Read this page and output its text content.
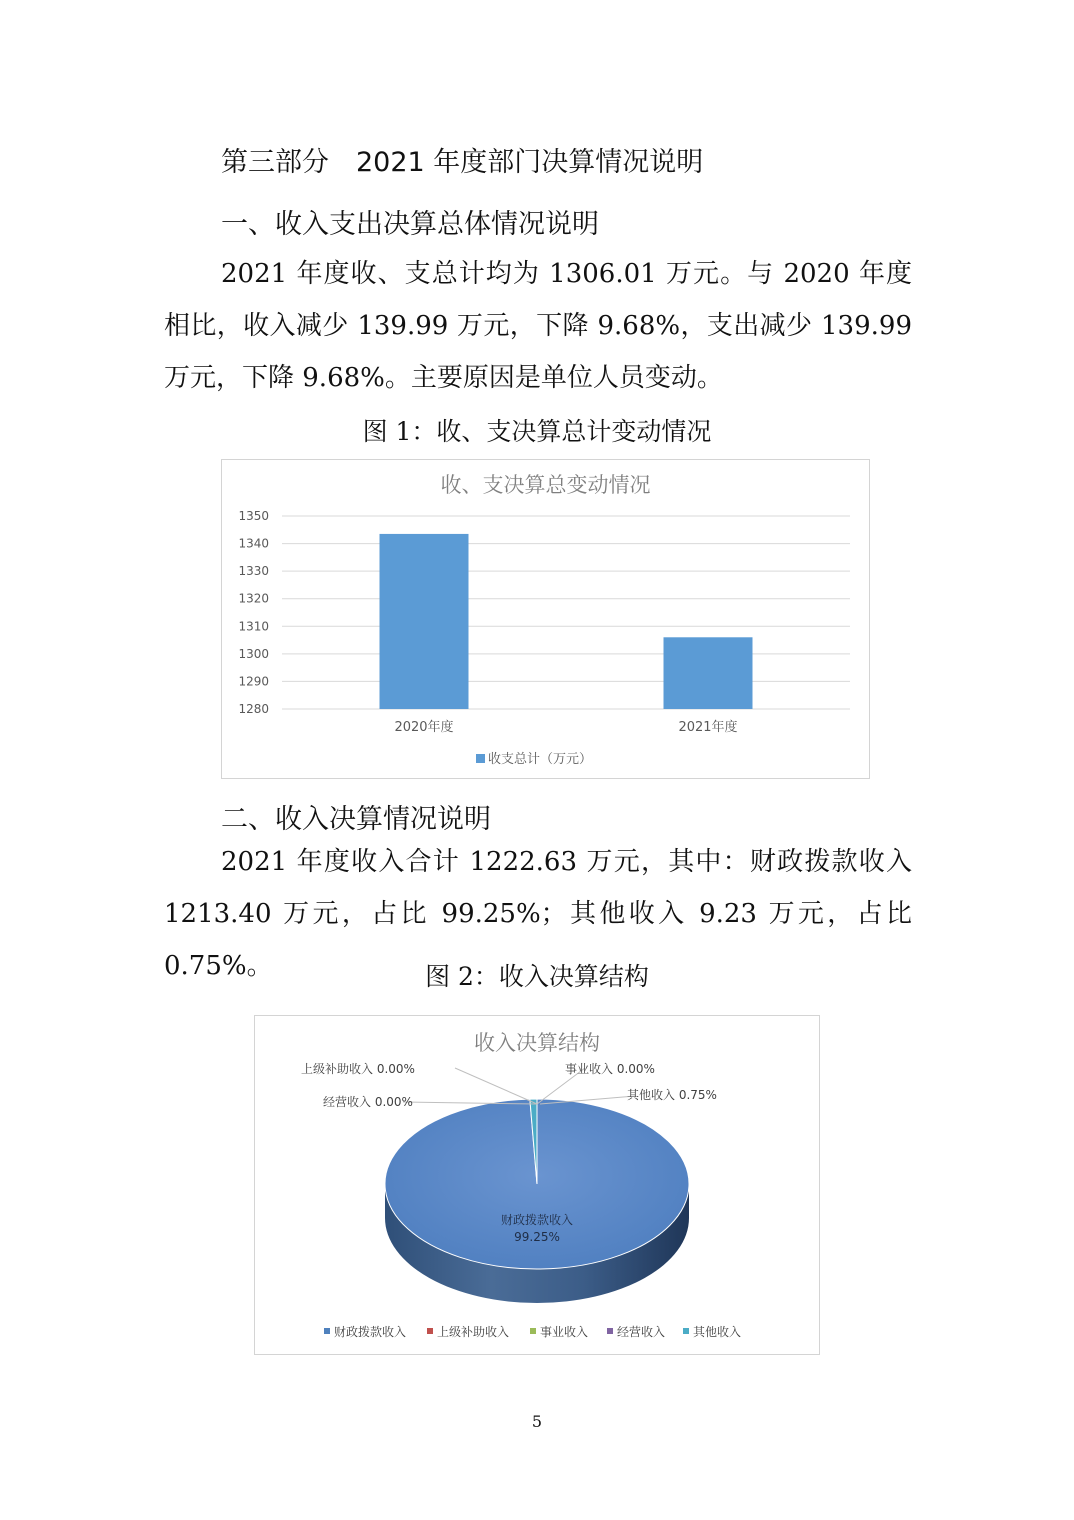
第三部分　2021 年度部门决算情况说明
一、收入支出决算总体情况说明

2021 年度收、支总计均为 1306.01 万元。与 2020 年度相比，收入减少 139.99 万元，下降 9.68%，支出减少 139.99 万元，下降 9.68%。主要原因是单位人员变动。

图 1：收、支决算总计变动情况
收、支决算总变动情况
1350
1340
1330
1320
1310
1300
1290
1280
2020年度	2021年度
收支总计（万元）
二、收入决算情况说明

2021 年度收入合计 1222.63 万元，其中：财政拨款收入 1213.40 万元，占比 99.25%；其他收入 9.23 万元，占比 0.75%。	图 2：收入决算结构
收入决算结构
财政拨款收入
99.25%
上级补助收入 0.00%	事业收入 0.00%
经营收入 0.00%	其他收入 0.75%
财政拨款收入	上级补助收入	事业收入 经营收入 其他收入
5
